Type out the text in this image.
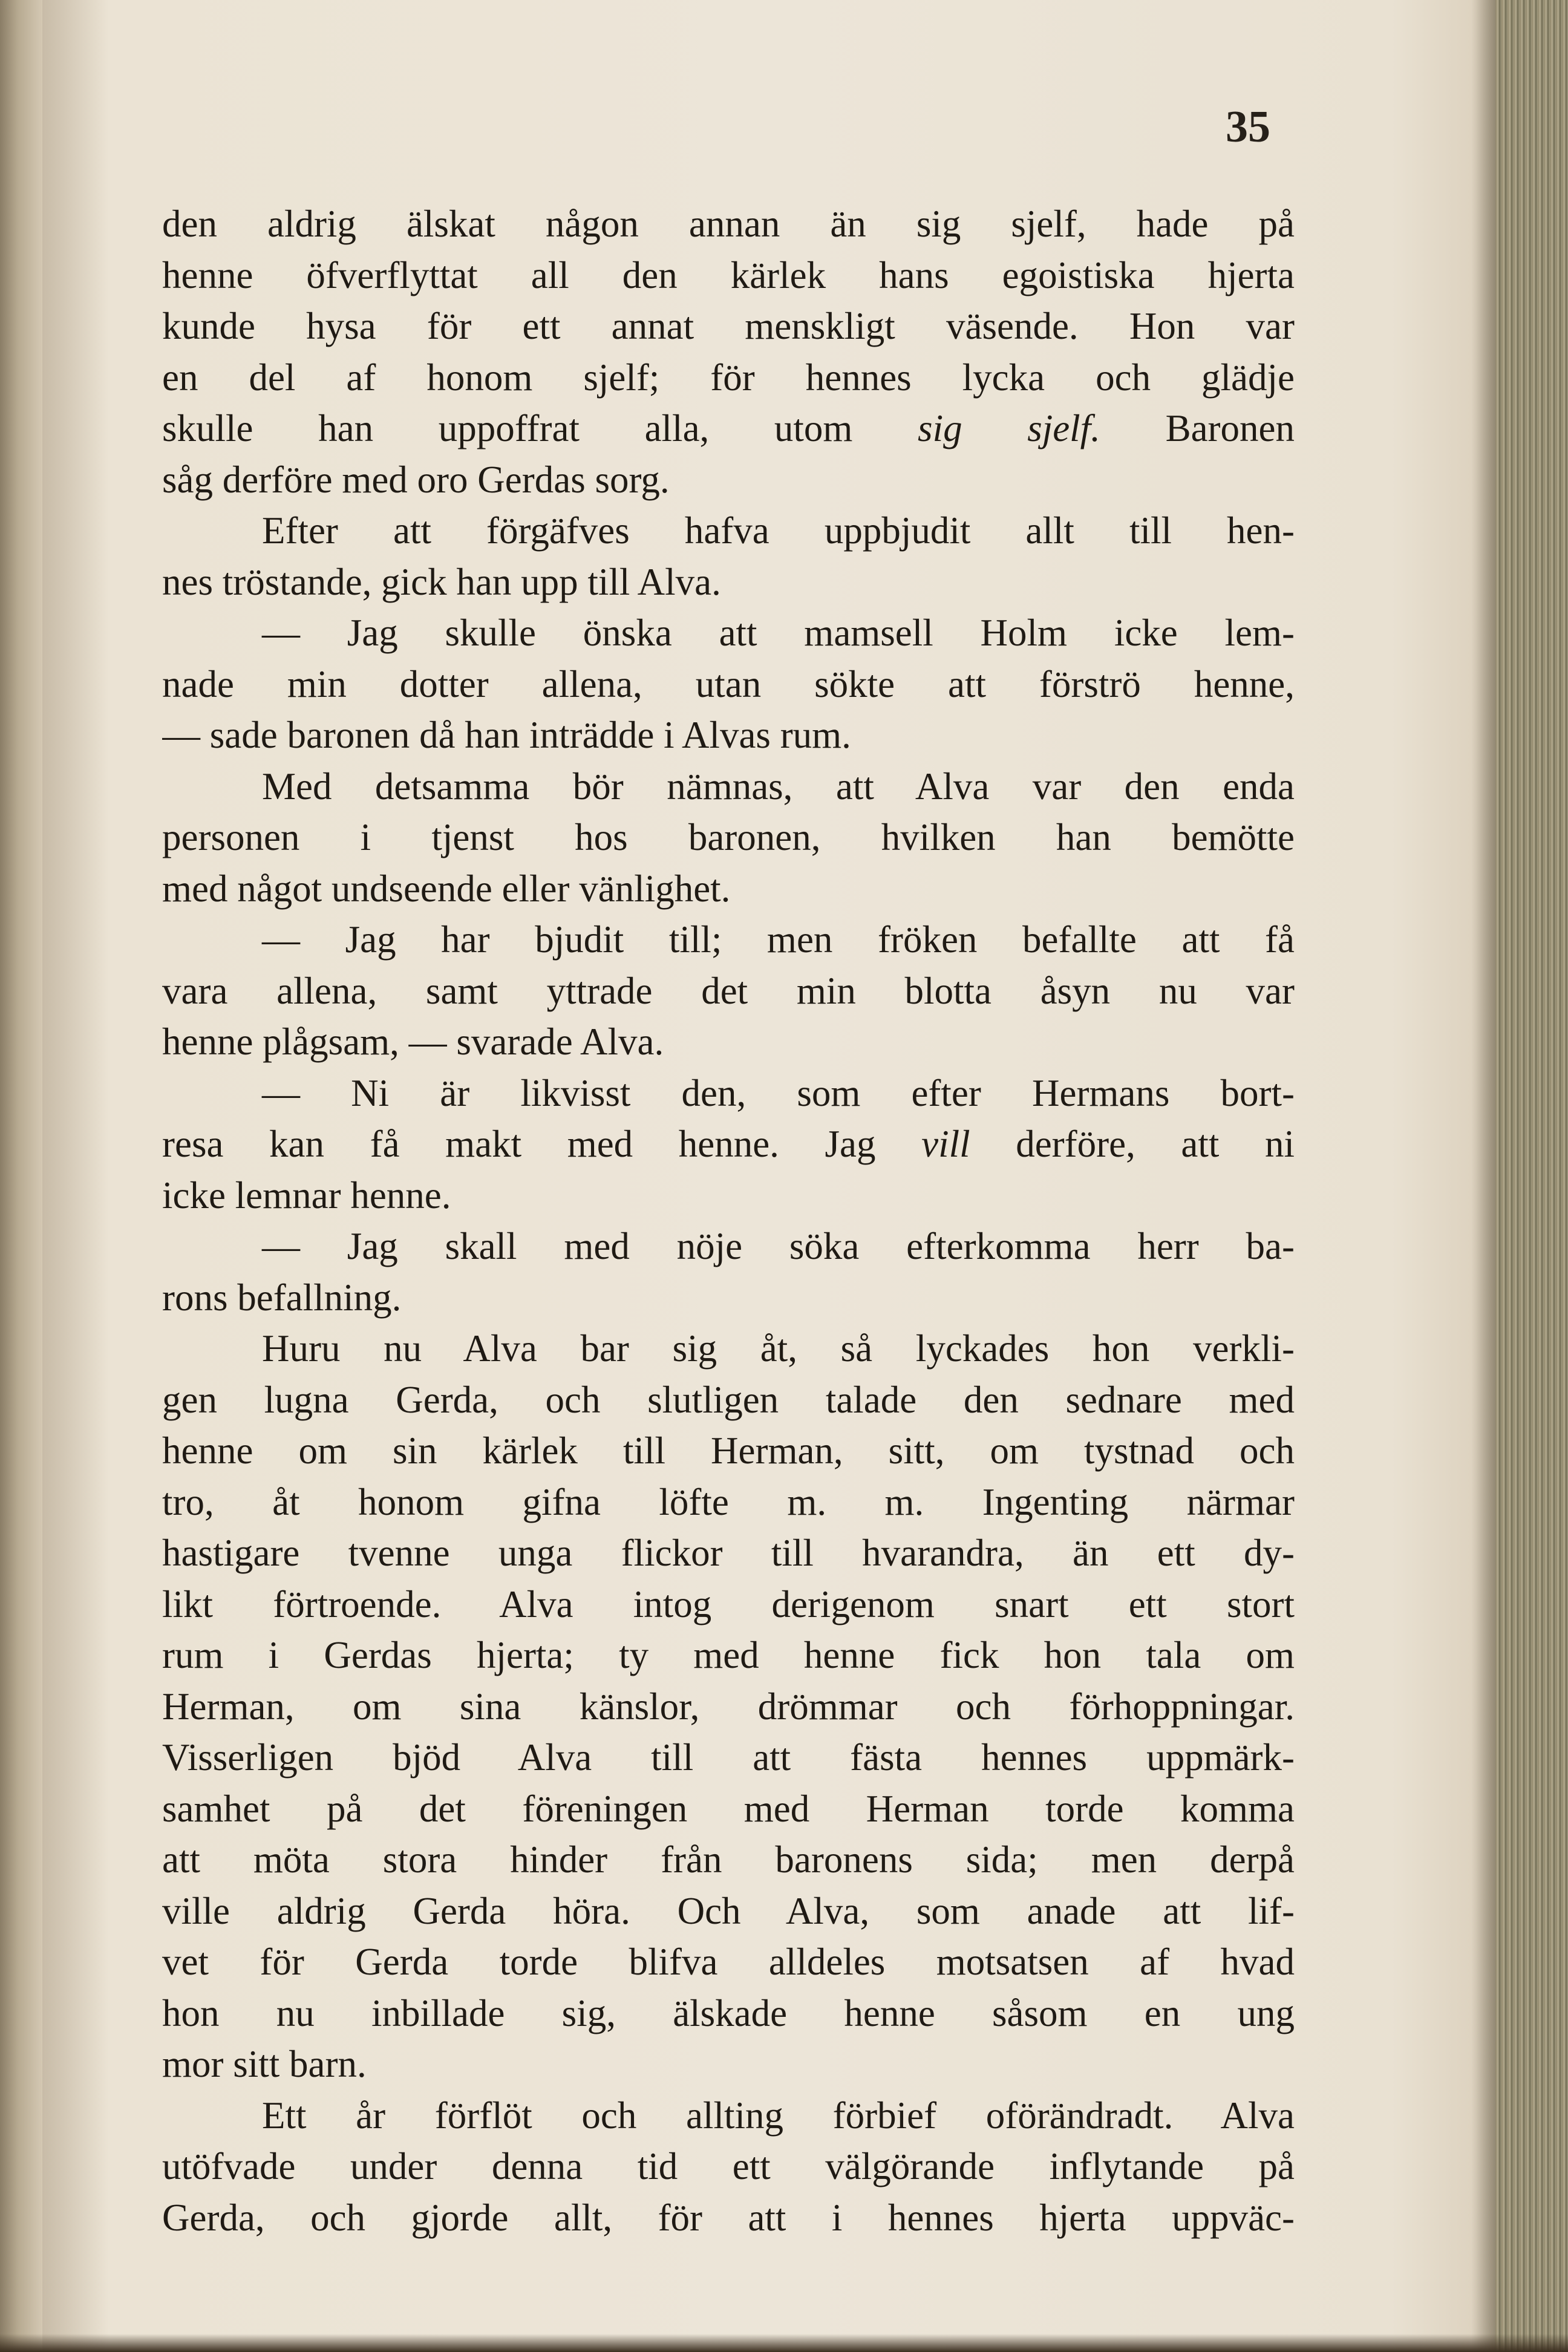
35
den aldrig älskat någon annan än sig sjelf, hade på
henne öfverflyttat all den kärlek hans egoistiska hjerta
kunde hysa för ett annat menskligt väsende. Hon var
en del af honom sjelf; för hennes lycka och glädje
skulle han uppoffrat alla, utom sig sjelf. Baronen
såg derföre med oro Gerdas sorg.
Efter att förgäfves hafva uppbjudit allt till hen-
nes tröstande, gick han upp till Alva.
— Jag skulle önska att mamsell Holm icke lem-
nade min dotter allena, utan sökte att förströ henne,
— sade baronen då han inträdde i Alvas rum.
Med detsamma bör nämnas, att Alva var den enda
personen i tjenst hos baronen, hvilken han bemötte
med något undseende eller vänlighet.
— Jag har bjudit till; men fröken befallte att få
vara allena, samt yttrade det min blotta åsyn nu var
henne plågsam, — svarade Alva.
— Ni är likvisst den, som efter Hermans bort-
resa kan få makt med henne. Jag vill derföre, att ni
icke lemnar henne.
— Jag skall med nöje söka efterkomma herr ba-
rons befallning.
Huru nu Alva bar sig åt, så lyckades hon verkli-
gen lugna Gerda, och slutligen talade den sednare med
henne om sin kärlek till Herman, sitt, om tystnad och
tro, åt honom gifna löfte m. m. Ingenting närmar
hastigare tvenne unga flickor till hvarandra, än ett dy-
likt förtroende. Alva intog derigenom snart ett stort
rum i Gerdas hjerta; ty med henne fick hon tala om
Herman, om sina känslor, drömmar och förhoppningar.
Visserligen bjöd Alva till att fästa hennes uppmärk-
samhet på det föreningen med Herman torde komma
att möta stora hinder från baronens sida; men derpå
ville aldrig Gerda höra. Och Alva, som anade att lif-
vet för Gerda torde blifva alldeles motsatsen af hvad
hon nu inbillade sig, älskade henne såsom en ung
mor sitt barn.
Ett år förflöt och allting förbief oförändradt. Alva
utöfvade under denna tid ett välgörande inflytande på
Gerda, och gjorde allt, för att i hennes hjerta uppväc-
